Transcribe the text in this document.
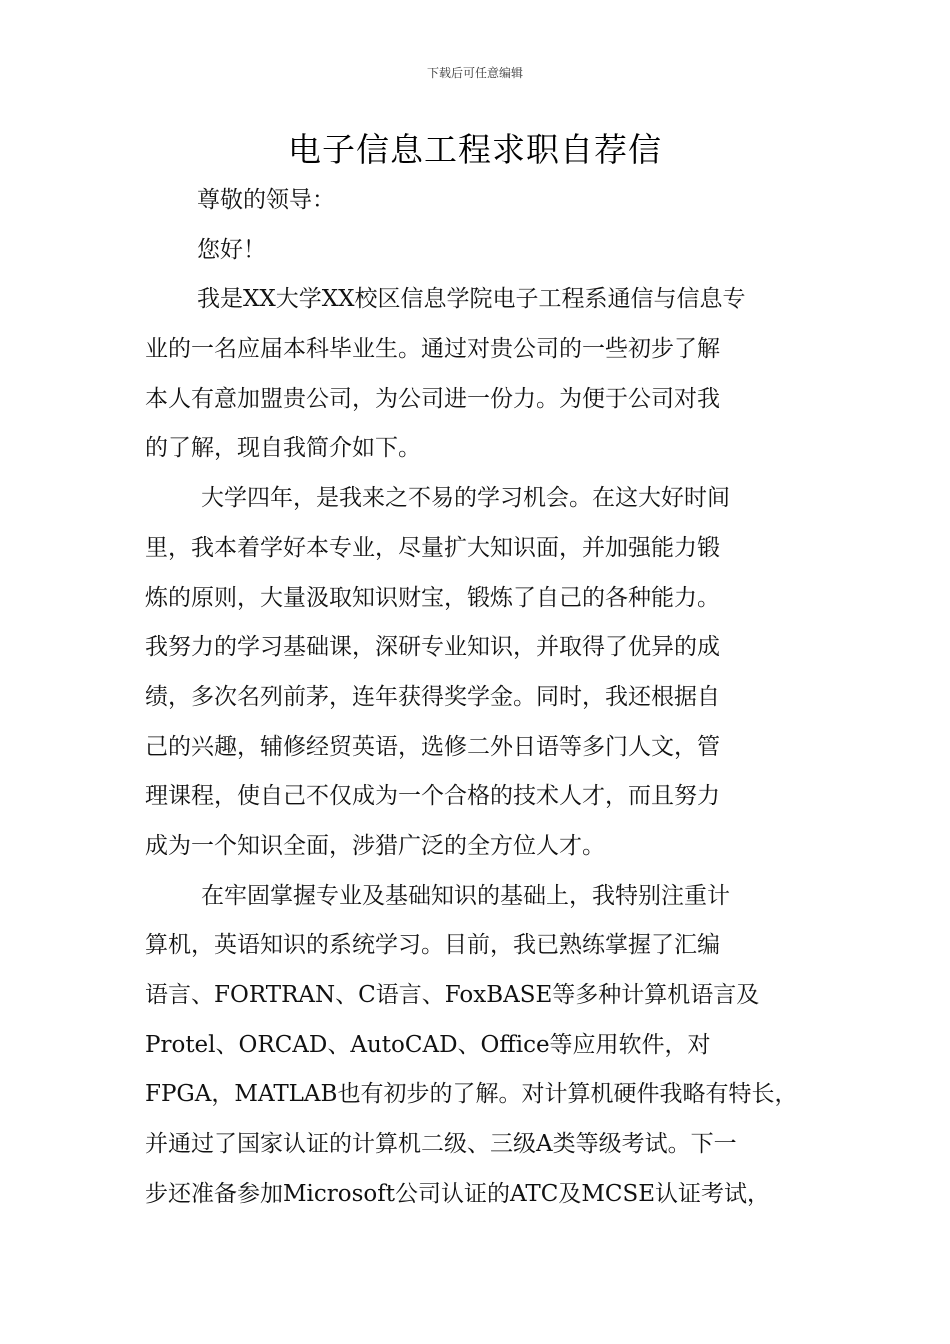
下载后可任意编辑
电子信息工程求职自荐信
尊敬的领导：
您好！
我是XX大学XX校区信息学院电子工程系通信与信息专
业的一名应届本科毕业生。通过对贵公司的一些初步了解
本人有意加盟贵公司，为公司进一份力。为便于公司对我
的了解，现自我简介如下。
大学四年，是我来之不易的学习机会。在这大好时间
里，我本着学好本专业，尽量扩大知识面，并加强能力锻
炼的原则，大量汲取知识财宝，锻炼了自己的各种能力。
我努力的学习基础课，深研专业知识，并取得了优异的成
绩，多次名列前茅，连年获得奖学金。同时，我还根据自
己的兴趣，辅修经贸英语，选修二外日语等多门人文，管
理课程，使自己不仅成为一个合格的技术人才，而且努力
成为一个知识全面，涉猎广泛的全方位人才。
在牢固掌握专业及基础知识的基础上，我特别注重计
算机，英语知识的系统学习。目前，我已熟练掌握了汇编
语言、FORTRAN、C语言、FoxBASE等多种计算机语言及
Protel、ORCAD、AutoCAD、Office等应用软件，对
FPGA，MATLAB也有初步的了解。对计算机硬件我略有特长，
并通过了国家认证的计算机二级、三级A类等级考试。下一
步还准备参加Microsoft公司认证的ATC及MCSE认证考试，
